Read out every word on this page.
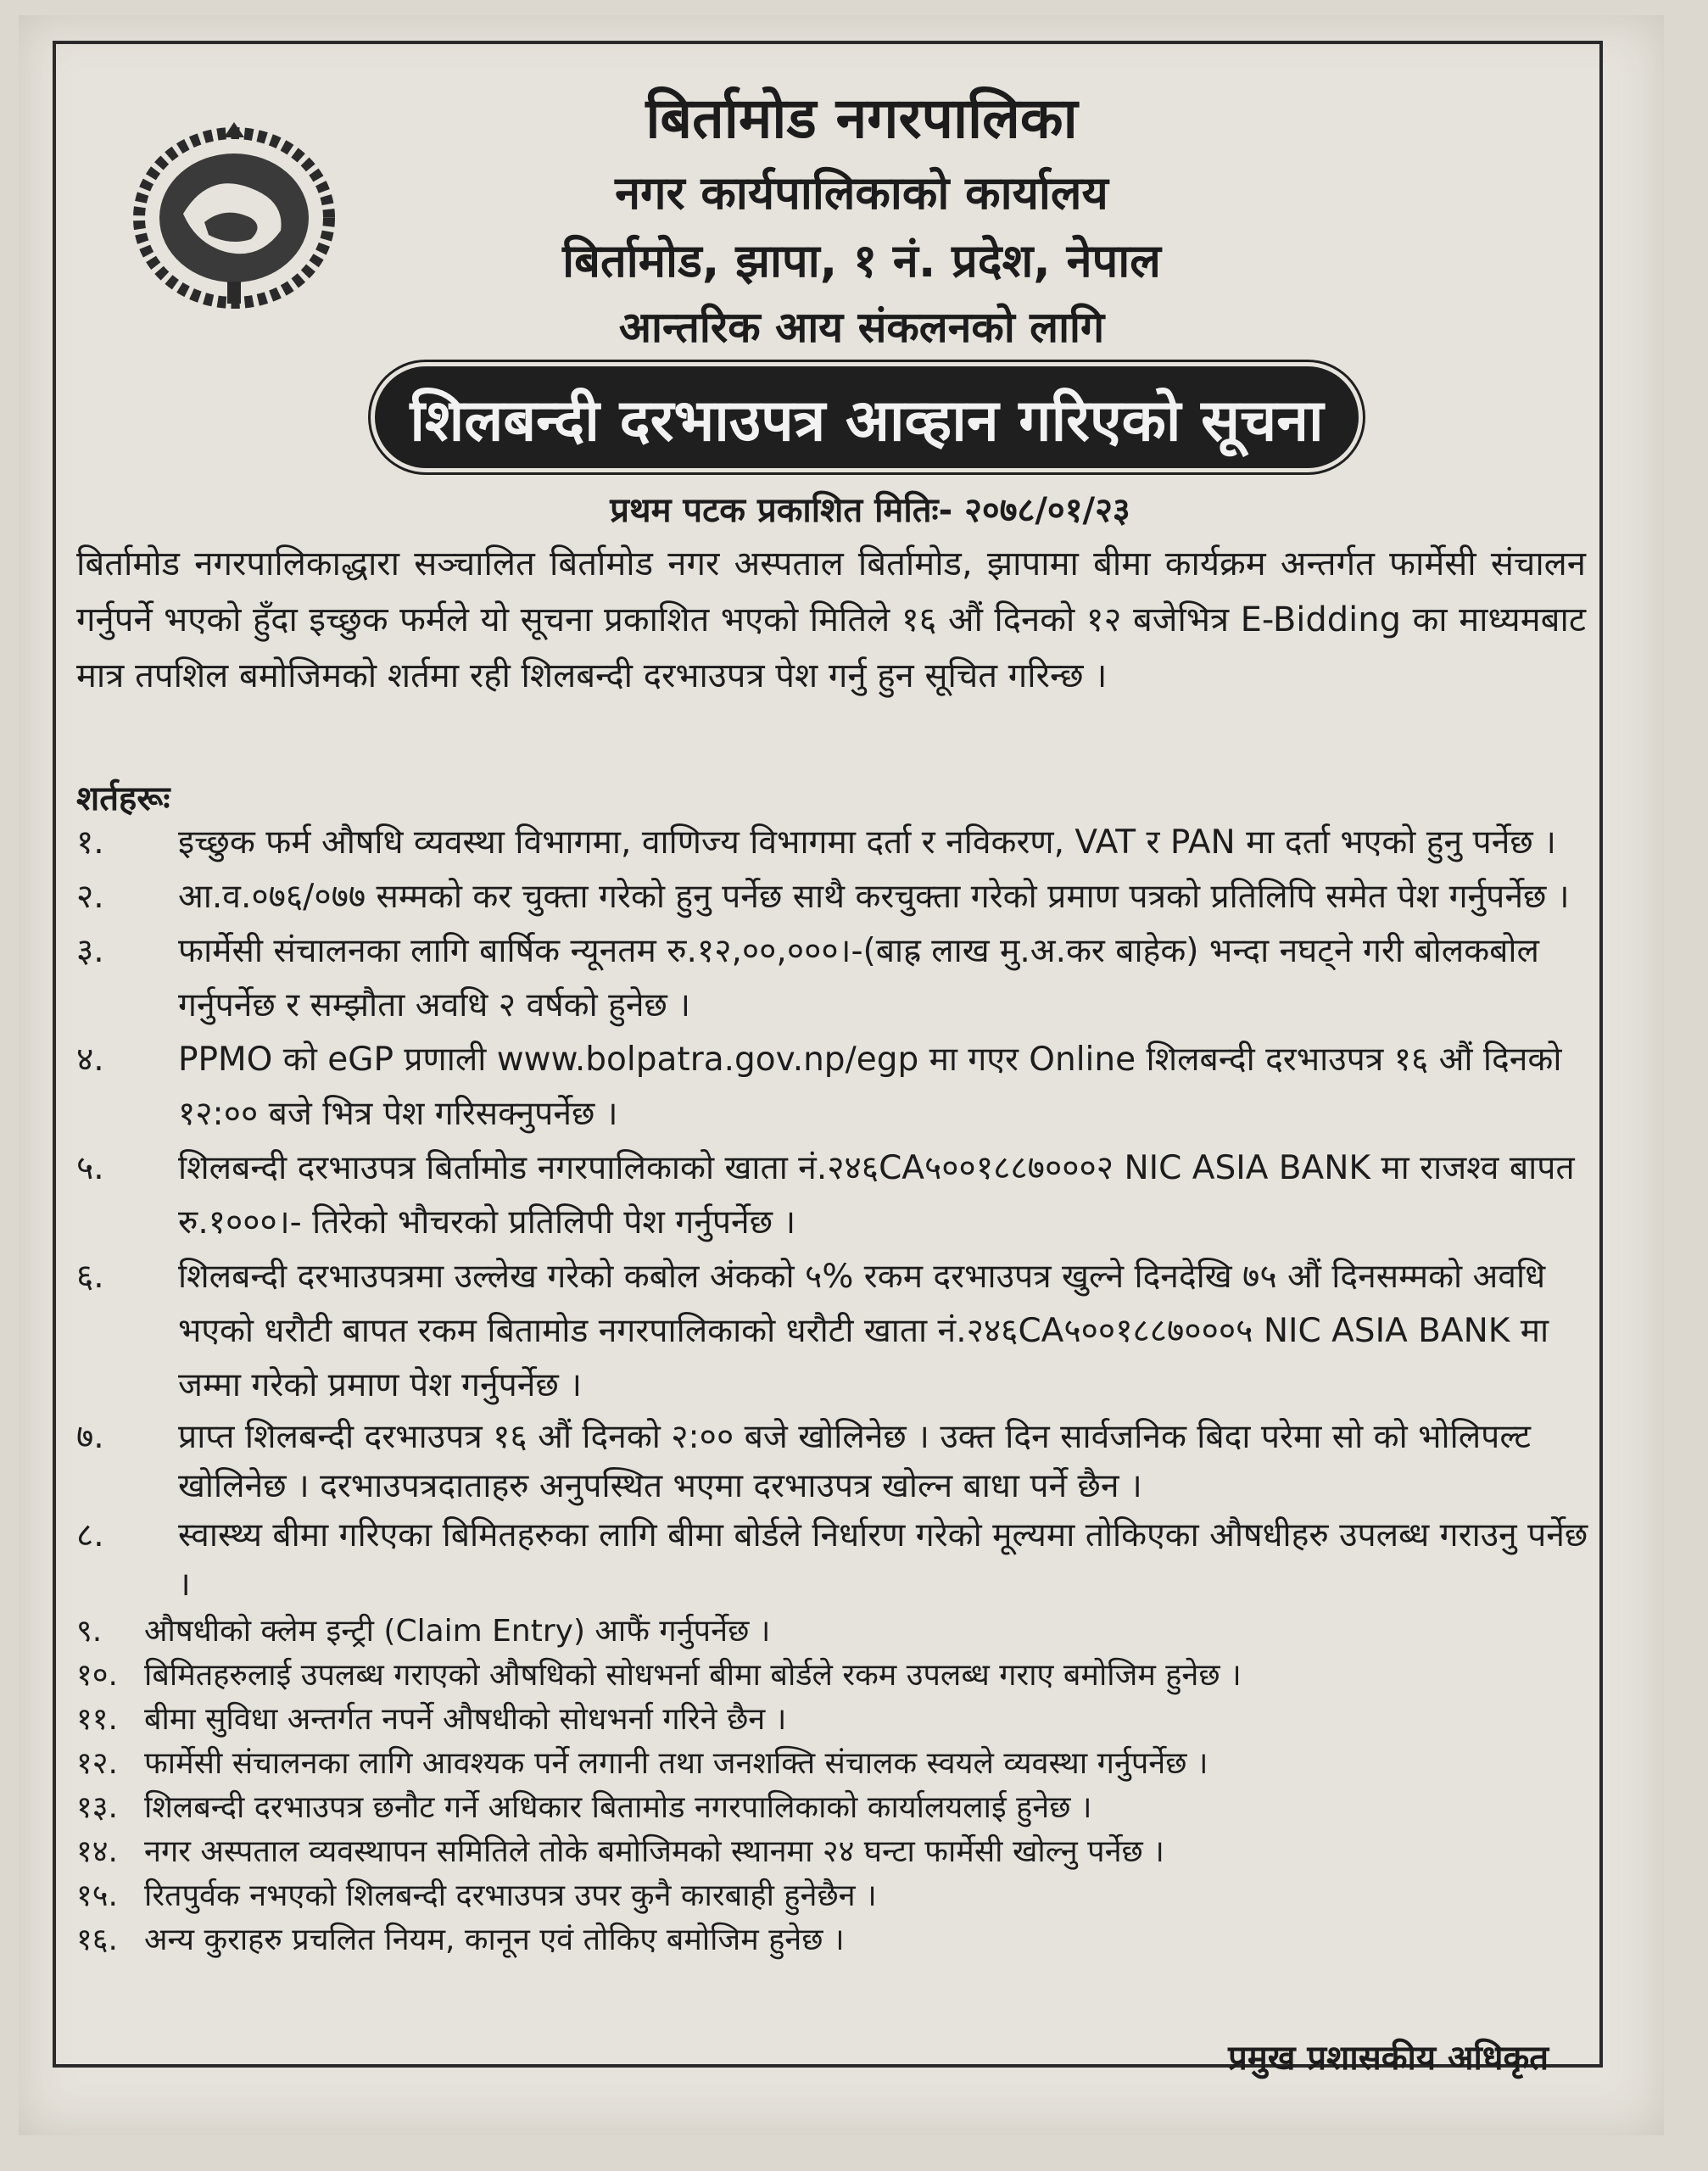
बिर्तामोड नगरपालिका
नगर कार्यपालिकाको कार्यालय
बिर्तामोड, झापा, १ नं. प्रदेश, नेपाल
आन्तरिक आय संकलनको लागि
शिलबन्दी दरभाउपत्र आव्हान गरिएको सूचना
प्रथम पटक प्रकाशित मितिः- २०७८/०१/२३
बिर्तामोड नगरपालिकाद्धारा सञ्चालित बिर्तामोड नगर अस्पताल बिर्तामोड, झापामा बीमा कार्यक्रम अन्तर्गत फार्मेसी संचालन गर्नुपर्ने भएको हुँदा इच्छुक फर्मले यो सूचना प्रकाशित भएको मितिले १६ औं दिनको १२ बजेभित्र E-Bidding का माध्यमबाट मात्र तपशिल बमोजिमको शर्तमा रही शिलबन्दी दरभाउपत्र पेश गर्नु हुन सूचित गरिन्छ ।
शर्तहरूः
१.	इच्छुक फर्म औषधि व्यवस्था विभागमा, वाणिज्य विभागमा दर्ता र नविकरण, VAT र PAN मा दर्ता भएको हुनु पर्नेछ ।
२.	आ.व.०७६/०७७ सम्मको कर चुक्ता गरेको हुनु पर्नेछ साथै करचुक्ता गरेको प्रमाण पत्रको प्रतिलिपि समेत पेश गर्नुपर्नेछ ।
३.	फार्मेसी संचालनका लागि बार्षिक न्यूनतम रु.१२,००,०००।-(बाह्र लाख मु.अ.कर बाहेक) भन्दा नघट्ने गरी बोलकबोल गर्नुपर्नेछ र सम्झौता अवधि २ वर्षको हुनेछ ।
४.	PPMO को eGP प्रणाली www.bolpatra.gov.np/egp मा गएर Online शिलबन्दी दरभाउपत्र १६ औं दिनको १२:०० बजे भित्र पेश गरिसक्नुपर्नेछ ।
५.	शिलबन्दी दरभाउपत्र बिर्तामोड नगरपालिकाको खाता नं.२४६CA५००१८८७०००२ NIC ASIA BANK मा राजश्व बापत रु.१०००।- तिरेको भौचरको प्रतिलिपी पेश गर्नुपर्नेछ ।
६.	शिलबन्दी दरभाउपत्रमा उल्लेख गरेको कबोल अंकको ५% रकम दरभाउपत्र खुल्ने दिनदेखि ७५ औं दिनसम्मको अवधि भएको धरौटी बापत रकम बितामोड नगरपालिकाको धरौटी खाता नं.२४६CA५००१८८७०००५ NIC ASIA BANK मा जम्मा गरेको प्रमाण पेश गर्नुपर्नेछ ।
७.	प्राप्त शिलबन्दी दरभाउपत्र १६ औं दिनको २:०० बजे खोलिनेछ । उक्त दिन सार्वजनिक बिदा परेमा सो को भोलिपल्ट खोलिनेछ । दरभाउपत्रदाताहरु अनुपस्थित भएमा दरभाउपत्र खोल्न बाधा पर्ने छैन ।
८.	स्वास्थ्य बीमा गरिएका बिमितहरुका लागि बीमा बोर्डले निर्धारण गरेको मूल्यमा तोकिएका औषधीहरु उपलब्ध गराउनु पर्नेछ ।
९.	औषधीको क्लेम इन्ट्री (Claim Entry) आफैं गर्नुपर्नेछ ।
१०. बिमितहरुलाई उपलब्ध गराएको औषधिको सोधभर्ना बीमा बोर्डले रकम उपलब्ध गराए बमोजिम हुनेछ ।
११. बीमा सुविधा अन्तर्गत नपर्ने औषधीको सोधभर्ना गरिने छैन ।
१२. फार्मेसी संचालनका लागि आवश्यक पर्ने लगानी तथा जनशक्ति संचालक स्वयले व्यवस्था गर्नुपर्नेछ ।
१३. शिलबन्दी दरभाउपत्र छनौट गर्ने अधिकार बितामोड नगरपालिकाको कार्यालयलाई हुनेछ ।
१४. नगर अस्पताल व्यवस्थापन समितिले तोके बमोजिमको स्थानमा २४ घन्टा फार्मेसी खोल्नु पर्नेछ ।
१५. रितपुर्वक नभएको शिलबन्दी दरभाउपत्र उपर कुनै कारबाही हुनेछैन ।
१६. अन्य कुराहरु प्रचलित नियम, कानून एवं तोकिए बमोजिम हुनेछ ।
प्रमुख प्रशासकीय अधिकृत
